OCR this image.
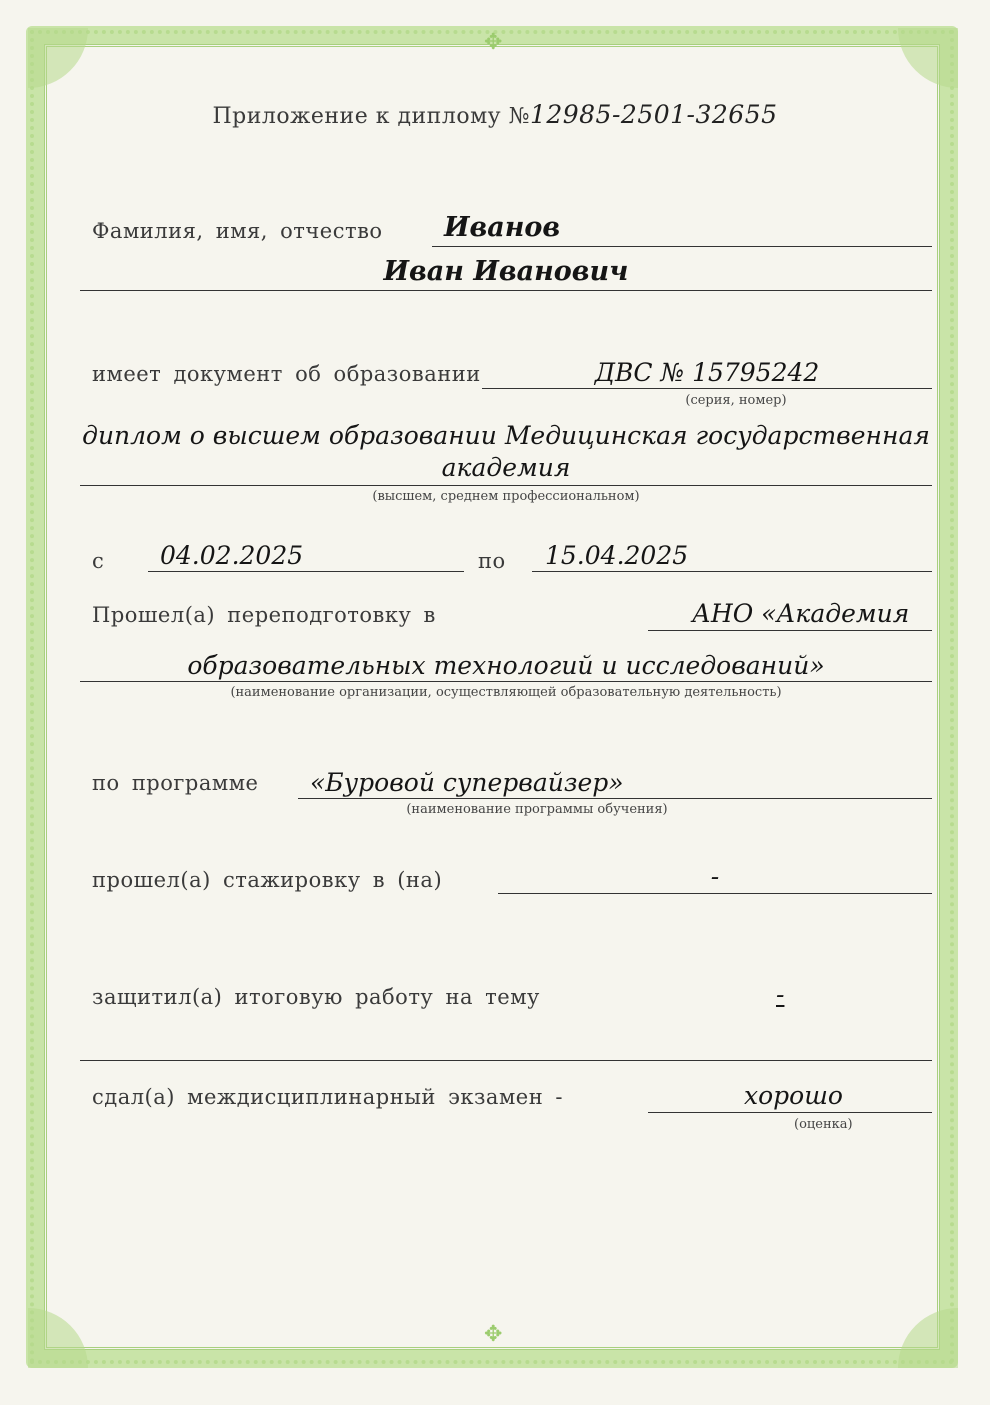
✥
✥
Приложение к диплому №12985-2501-32655
Фамилия, имя, отчество Иванов
Иван Иванович
имеет документ об образовании	ДВС № 15795242
(серия, номер)
диплом о высшем образовании Медицинская государственная
академия
(высшем, среднем профессиональном)
с 04.02.2025	по 15.04.2025
Прошел(а) переподготовку в	АНО «Академия
образовательных технологий и исследований»
(наименование организации, осуществляющей образовательную деятельность)
по программе «Буровой супервайзер»
(наименование программы обучения)
прошел(а) стажировку в (на)	-
защитил(а) итоговую работу на тему	-
сдал(а) междисциплинарный экзамен -	хорошо
(оценка)
